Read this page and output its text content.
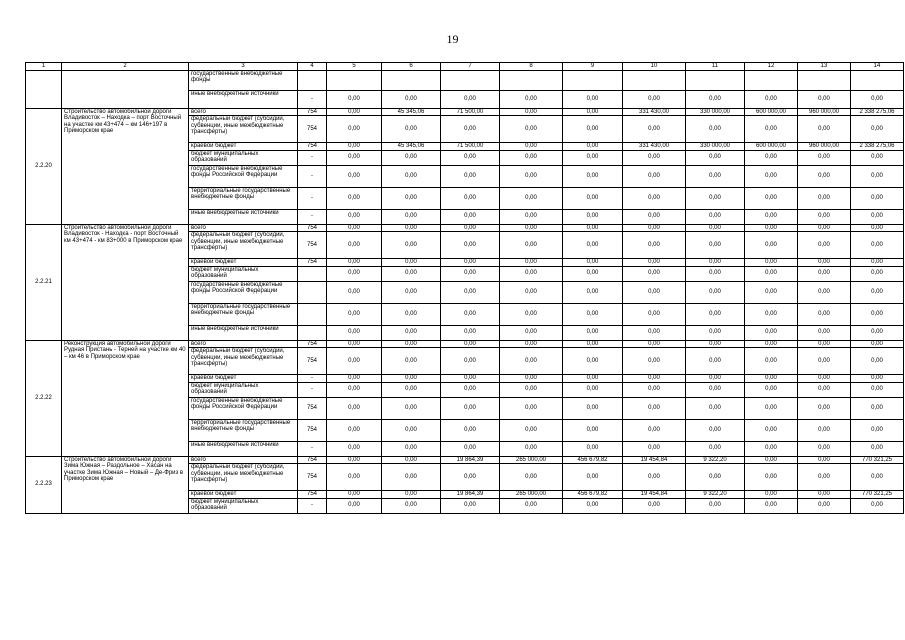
19
1	2	3	4	5	6	7	8	9	10	11	12	13	14
		государственные внебюджетные фонды											
		иные внебюджетные источники	-	0,00	0,00	0,00	0,00	0,00	0,00	0,00	0,00	0,00	0,00
2.2.20	Строительство автомобильной дороги Владивосток – Находка – порт Восточный на участке км 43+474 – км 146+197 в Приморском крае	всего	754	0,00	45 345,06	71 500,00	0,00	0,00	331 430,00	330 000,00	600 000,00	960 000,00	2 338 275,06
		федеральный бюджет (субсидии, субвенции, иные межбюджетные трансферты)	754	0,00	0,00	0,00	0,00	0,00	0,00	0,00	0,00	0,00	0,00
		краевой бюджет	754	0,00	45 345,06	71 500,00	0,00	0,00	331 430,00	330 000,00	600 000,00	960 000,00	2 338 275,06
		бюджет муниципальных образований	-	0,00	0,00	0,00	0,00	0,00	0,00	0,00	0,00	0,00	0,00
		государственные внебюджетные фонды Российской Федерации	-	0,00	0,00	0,00	0,00	0,00	0,00	0,00	0,00	0,00	0,00
		территориальные государственные внебюджетные фонды	-	0,00	0,00	0,00	0,00	0,00	0,00	0,00	0,00	0,00	0,00
		иные внебюджетные источники	-	0,00	0,00	0,00	0,00	0,00	0,00	0,00	0,00	0,00	0,00
2.2.21	Строительство автомобильной дороги Владивосток - Находка - порт Восточный км 43+474 - км 83+000 в Приморском крае	всего	754	0,00	0,00	0,00	0,00	0,00	0,00	0,00	0,00	0,00	0,00
		федеральный бюджет (субсидии, субвенции, иные межбюджетные трансферты)	754	0,00	0,00	0,00	0,00	0,00	0,00	0,00	0,00	0,00	0,00
		краевой бюджет	754	0,00	0,00	0,00	0,00	0,00	0,00	0,00	0,00	0,00	0,00
		бюджет муниципальных образований		0,00	0,00	0,00	0,00	0,00	0,00	0,00	0,00	0,00	0,00
		государственные внебюджетные фонды Российской Федерации		0,00	0,00	0,00	0,00	0,00	0,00	0,00	0,00	0,00	0,00
		территориальные государственные внебюджетные фонды		0,00	0,00	0,00	0,00	0,00	0,00	0,00	0,00	0,00	0,00
		иные внебюджетные источники		0,00	0,00	0,00	0,00	0,00	0,00	0,00	0,00	0,00	0,00
2.2.22	Реконструкция автомобильной дороги Рудная Пристань - Терней на участке км 40 – км 46 в Приморском крае	всего	754	0,00	0,00	0,00	0,00	0,00	0,00	0,00	0,00	0,00	0,00
		федеральный бюджет (субсидии, субвенции, иные межбюджетные трансферты)	754	0,00	0,00	0,00	0,00	0,00	0,00	0,00	0,00	0,00	0,00
		краевой бюджет	-	0,00	0,00	0,00	0,00	0,00	0,00	0,00	0,00	0,00	0,00
		бюджет муниципальных образований	-	0,00	0,00	0,00	0,00	0,00	0,00	0,00	0,00	0,00	0,00
		государственные внебюджетные фонды Российской Федерации	754	0,00	0,00	0,00	0,00	0,00	0,00	0,00	0,00	0,00	0,00
		территориальные государственные внебюджетные фонды	754	0,00	0,00	0,00	0,00	0,00	0,00	0,00	0,00	0,00	0,00
		иные внебюджетные источники	-	0,00	0,00	0,00	0,00	0,00	0,00	0,00	0,00	0,00	0,00
2.2.23	Строительство автомобильной дороги Зима Южная – Раздольное – Хасан на участке Зима Южная – Новый – Де-Фриз в Приморском крае	всего	754	0,00	0,00	19 864,39	265 000,00	456 679,82	19 454,84	9 322,20	0,00	0,00	770 321,25
		федеральный бюджет (субсидии, субвенции, иные межбюджетные трансферты)	754	0,00	0,00	0,00	0,00	0,00	0,00	0,00	0,00	0,00	0,00
		краевой бюджет	754	0,00	0,00	19 864,39	265 000,00	456 679,82	19 454,84	9 322,20	0,00	0,00	770 321,25
		бюджет муниципальных образований	-	0,00	0,00	0,00	0,00	0,00	0,00	0,00	0,00	0,00	0,00
